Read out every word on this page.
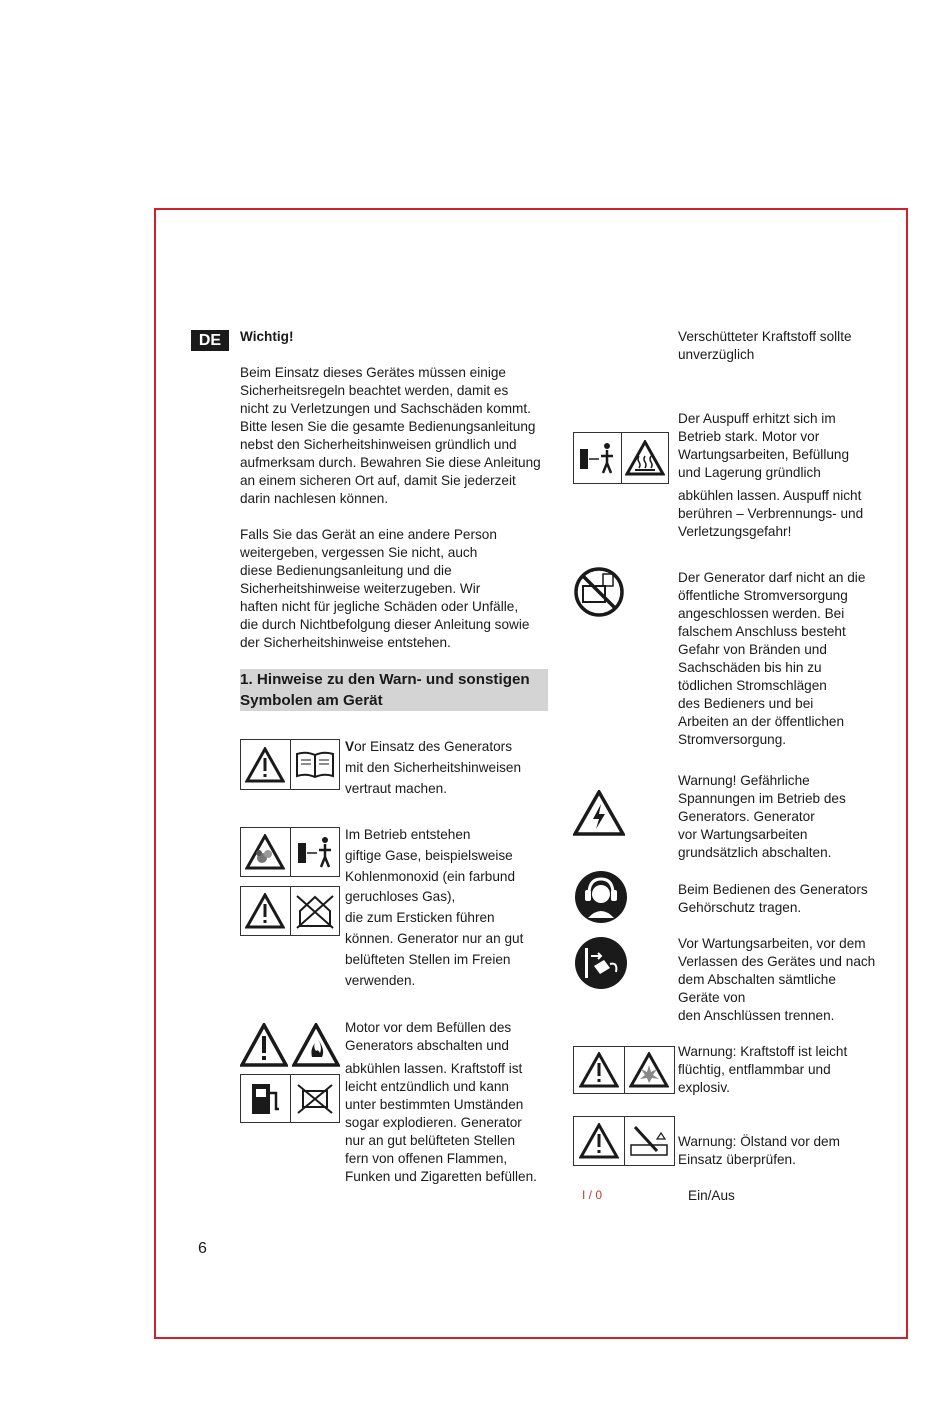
DE	Wichtig!
Beim Einsatz dieses Gerätes müssen einige
Sicherheitsregeln beachtet werden, damit es
nicht zu Verletzungen und Sachschäden kommt.
Bitte lesen Sie die gesamte Bedienungsanleitung
nebst den Sicherheitshinweisen gründlich und
aufmerksam durch. Bewahren Sie diese Anleitung
an einem sicheren Ort auf, damit Sie jederzeit
darin nachlesen können.
Falls Sie das Gerät an eine andere Person
weitergeben, vergessen Sie nicht, auch
diese Bedienungsanleitung und die
Sicherheitshinweise weiterzugeben. Wir
haften nicht für jegliche Schäden oder Unfälle,
die durch Nichtbefolgung dieser Anleitung sowie
der Sicherheitshinweise entstehen.
1. Hinweise zu den Warn- und sonstigen
Symbolen am Gerät
Vor Einsatz des Generators
mit den Sicherheitshinweisen
vertraut machen.
Im Betrieb entstehen
giftige Gase, beispielsweise
Kohlenmonoxid (ein farbund
geruchloses Gas),
die zum Ersticken führen
können. Generator nur an gut
belüfteten Stellen im Freien
verwenden.
Motor vor dem Befüllen des
Generators abschalten und
abkühlen lassen. Kraftstoff ist
leicht entzündlich und kann
unter bestimmten Umständen
sogar explodieren. Generator
nur an gut belüfteten Stellen
fern von offenen Flammen,
Funken und Zigaretten befüllen.
Verschütteter Kraftstoff sollte
unverzüglich
Der Auspuff erhitzt sich im
Betrieb stark. Motor vor
Wartungsarbeiten, Befüllung
und Lagerung gründlich
abkühlen lassen. Auspuff nicht
berühren – Verbrennungs- und
Verletzungsgefahr!
Der Generator darf nicht an die
öffentliche Stromversorgung
angeschlossen werden. Bei
falschem Anschluss besteht
Gefahr von Bränden und
Sachschäden bis hin zu
tödlichen Stromschlägen
des Bedieners und bei
Arbeiten an der öffentlichen
Stromversorgung.
Warnung! Gefährliche
Spannungen im Betrieb des
Generators. Generator
vor Wartungsarbeiten
grundsätzlich abschalten.
Beim Bedienen des Generators
Gehörschutz tragen.
Vor Wartungsarbeiten, vor dem
Verlassen des Gerätes und nach
dem Abschalten sämtliche
Geräte von
den Anschlüssen trennen.
Warnung: Kraftstoff ist leicht
flüchtig, entflammbar und
explosiv.
Warnung: Ölstand vor dem
Einsatz überprüfen.
I / 0	Ein/Aus
6
